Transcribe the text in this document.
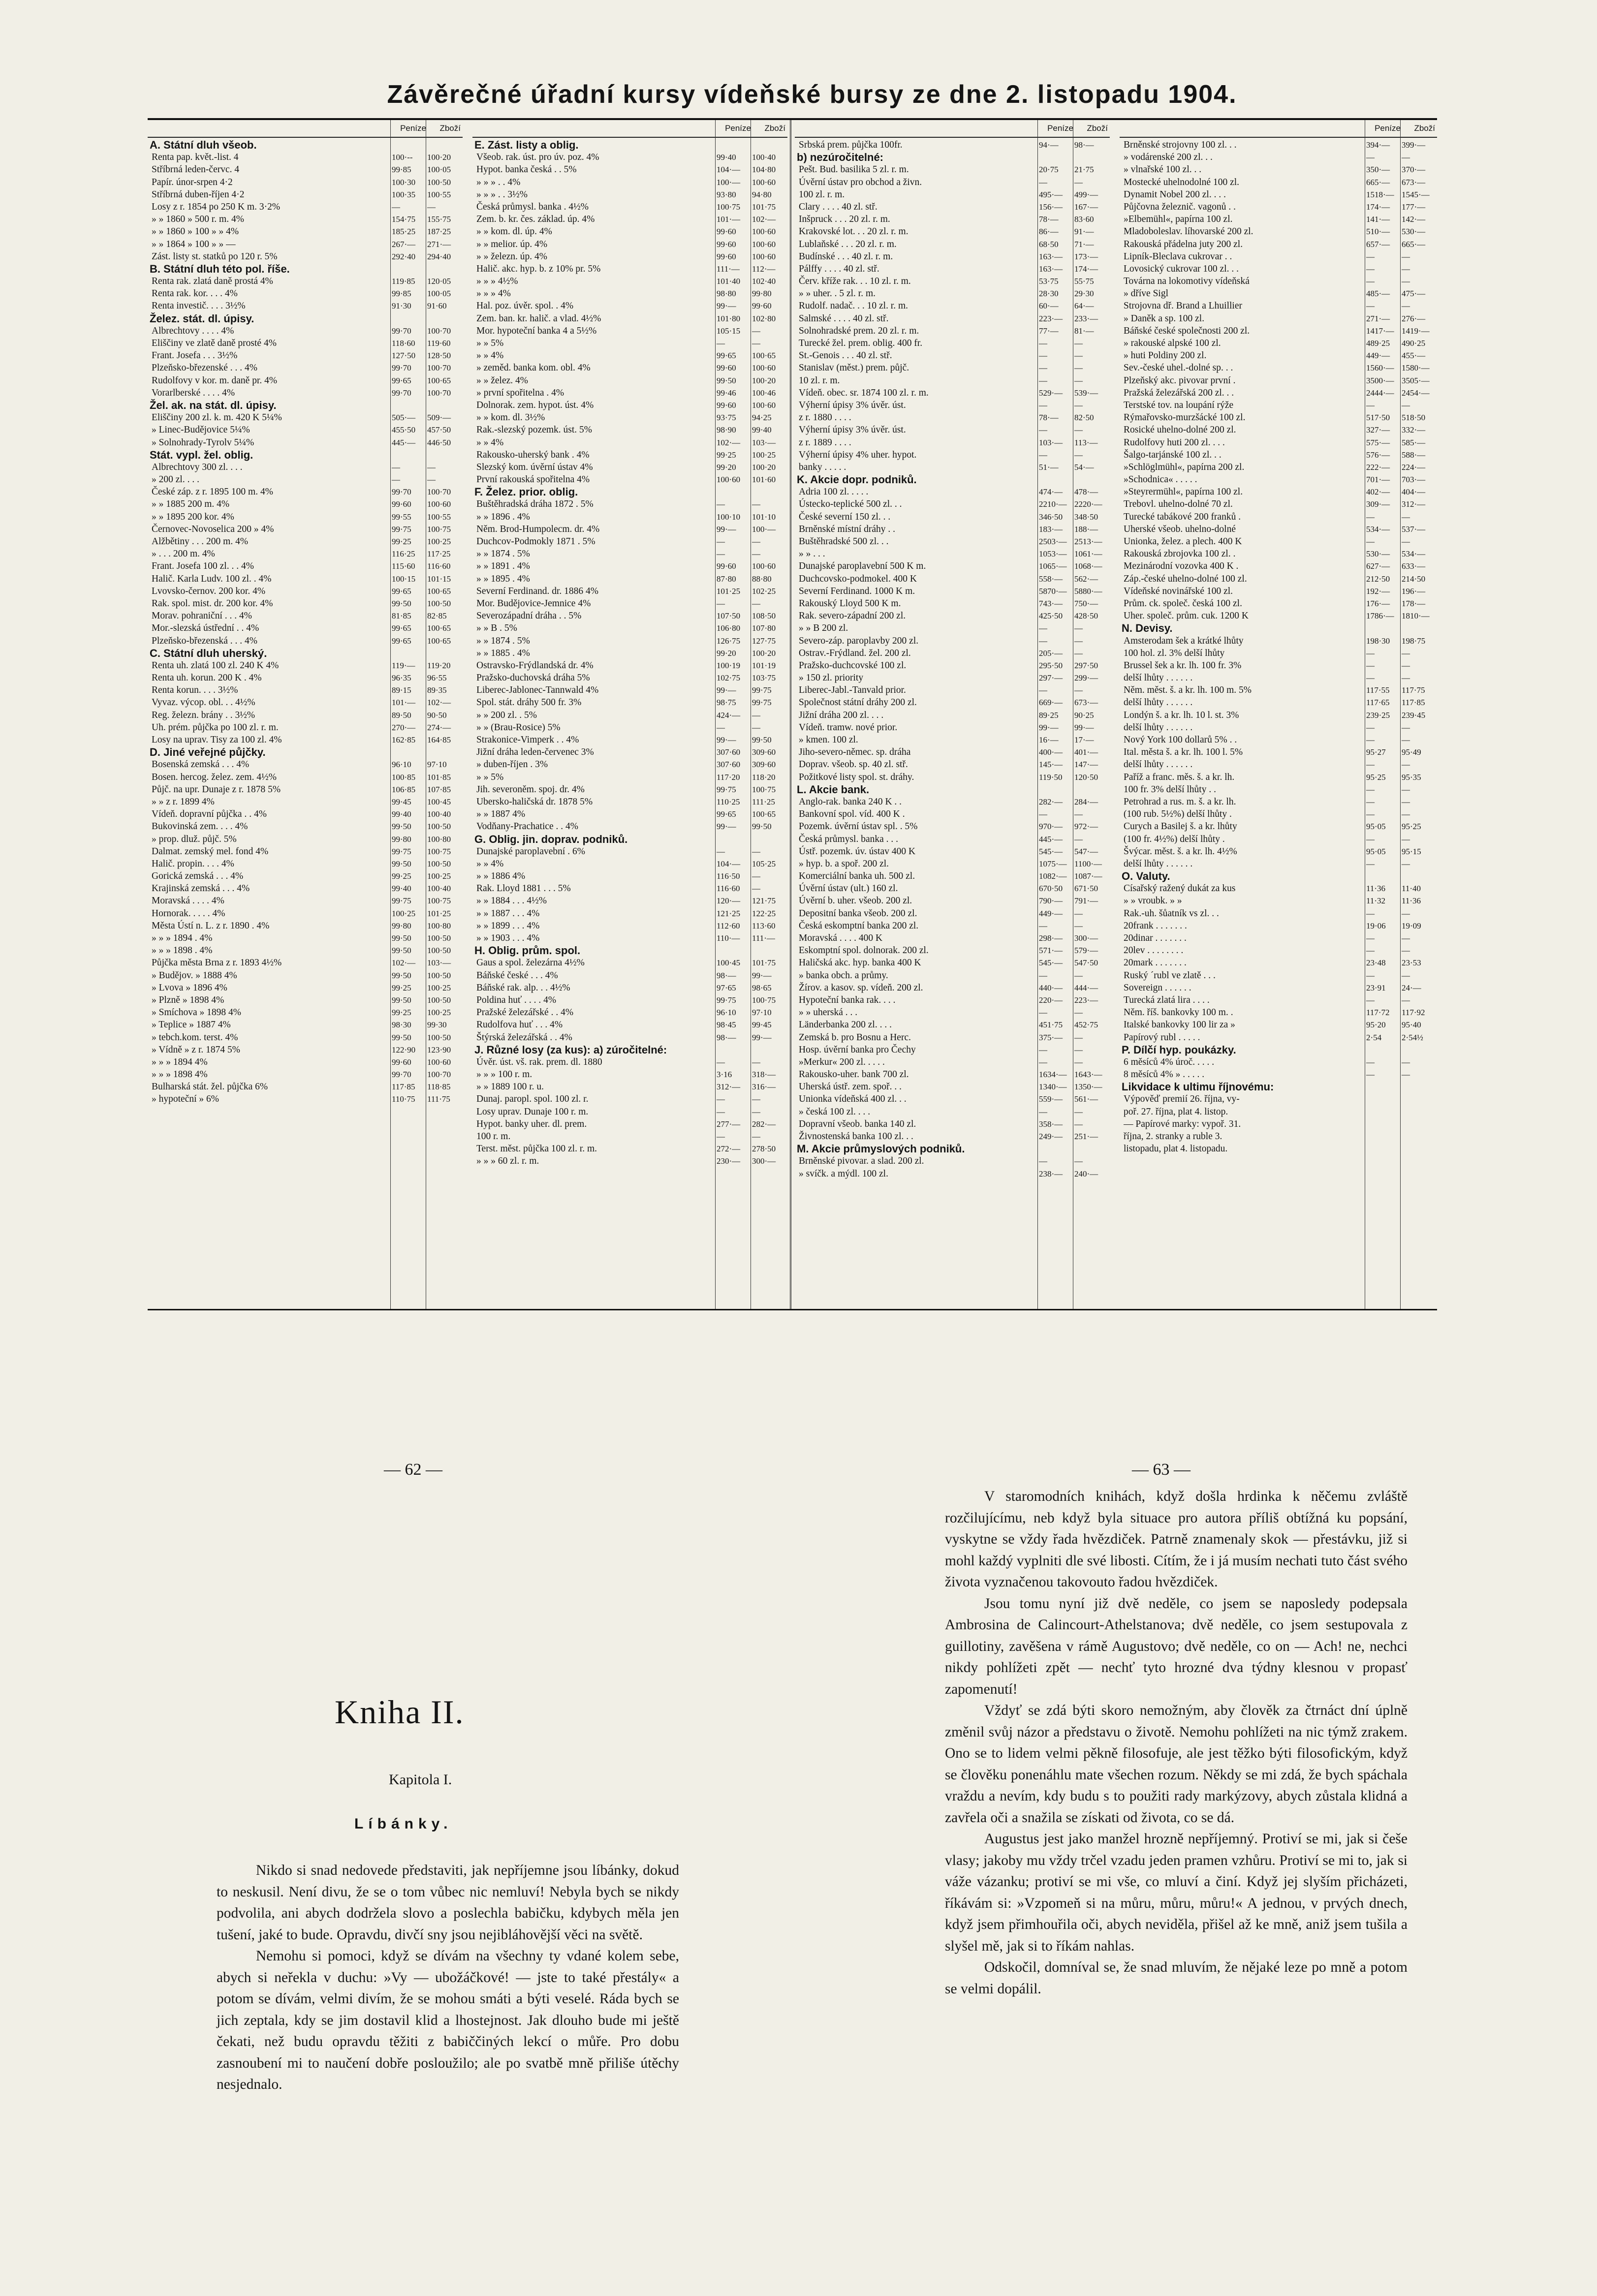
Závěrečné úřadní kursy vídeňské bursy ze dne 2. listopadu 1904.
Peníze Zboží
A. Státní dluh všeob.
Renta pap. květ.-list. 4	100·--	100·20
Stříbrná leden-červc. 4	99·85	100·05
Papír. únor-srpen 4·2	100·30	100·50
Stříbrná duben-říjen 4·2	100·35	100·55
Losy z r. 1854 po 250 K m. 3·2%	—	—
» » 1860 » 500 r. m. 4%	154·75	155·75
» » 1860 » 100 » » 4%	185·25	187·25
» » 1864 » 100 » » —	267·—	271·—
Zást. listy st. statků po 120 r. 5%	292·40	294·40
B. Státní dluh této pol. říše.
Renta rak. zlatá daně prostá 4%	119·85	120·05
Renta rak. kor. . . . 4%	99·85	100·05
Renta investič. . . . 3½%	91·30	91·60
Želez. stát. dl. úpisy.
Albrechtovy . . . . 4%	99·70	100·70
Eliščiny ve zlatě daně prosté 4%	118·60	119·60
Frant. Josefa . . . 3½%	127·50	128·50
Plzeňsko-březenské . . . 4%	99·70	100·70
Rudolfovy v kor. m. daně pr. 4%	99·65	100·65
Vorarlberské . . . . 4%	99·70	100·70
Žel. ak. na stát. dl. úpisy.
Eliščiny 200 zl. k. m. 420 K 5¼%	505·—	509·—
» Linec-Budějovice 5¼%	455·50	457·50
» Solnohrady-Tyrolv 5¼%	445·—	446·50
Stát. vypl. žel. oblig.
Albrechtovy 300 zl. . . .	—	—
» 200 zl. . . .	—	—
České záp. z r. 1895 100 m. 4%	99·70	100·70
» » 1885 200 m. 4%	99·60	100·60
» » 1895 200 kor. 4%	99·55	100·55
Černovec-Novoselica 200 » 4%	99·75	100·75
Alžbětiny . . . 200 m. 4%	99·25	100·25
» . . . 200 m. 4%	116·25	117·25
Frant. Josefa 100 zl. . . 4%	115·60	116·60
Halič. Karla Ludv. 100 zl. . 4%	100·15	101·15
Lvovsko-černov. 200 kor. 4%	99·65	100·65
Rak. spol. mist. dr. 200 kor. 4%	99·50	100·50
Morav. pohraniční . . . 4%	81·85	82·85
Mor.-slezská ústřední . . 4%	99·65	100·65
Plzeňsko-březenská . . . 4%	99·65	100·65
C. Státní dluh uherský.
Renta uh. zlatá 100 zl. 240 K 4%	119·—	119·20
Renta uh. korun. 200 K . 4%	96·35	96·55
Renta korun. . . . 3½%	89·15	89·35
Vyvaz. výcop. obl. . . 4½%	101·—	102·—
Reg. železn. brány . . 3½%	89·50	90·50
Uh. prém. půjčka po 100 zl. r. m.	270·—	274·—
Losy na uprav. Tisy za 100 zl. 4%	162·85	164·85
D. Jiné veřejné půjčky.
Bosenská zemská . . . 4%	96·10	97·10
Bosen. hercog. želez. zem. 4½%	100·85	101·85
Půjč. na upr. Dunaje z r. 1878 5%	106·85	107·85
» » z r. 1899 4%	99·45	100·45
Vídeň. dopravní půjčka . . 4%	99·40	100·40
Bukovinská zem. . . . 4%	99·50	100·50
» prop. dluž. půjč. 5%	99·80	100·80
Dalmat. zemský mel. fond 4%	99·75	100·75
Halič. propin. . . . 4%	99·50	100·50
Gorická zemská . . . 4%	99·25	100·25
Krajinská zemská . . . 4%	99·40	100·40
Moravská . . . . 4%	99·75	100·75
Hornorak. . . . . 4%	100·25	101·25
Města Ústí n. L. z r. 1890 . 4%	99·80	100·80
» » » 1894 . 4%	99·50	100·50
» » » 1898 . 4%	99·50	100·50
Půjčka města Brna z r. 1893 4½%	102·—	103·—
» Budějov. » 1888 4%	99·50	100·50
» Lvova » 1896 4%	99·25	100·25
» Plzně » 1898 4%	99·50	100·50
» Smíchova » 1898 4%	99·25	100·25
» Teplice » 1887 4%	98·30	99·30
» tebch.kom. terst. 4%	99·50	100·50
» Vídně » z r. 1874 5%	122·90	123·90
» » » 1894 4%	99·60	100·60
» » » 1898 4%	99·70	100·70
Bulharská stát. žel. půjčka 6%	117·85	118·85
» hypoteční » 6%	110·75	111·75
Peníze Zboží
E. Zást. listy a oblig.
Všeob. rak. úst. pro úv. poz. 4%	99·40	100·40
Hypot. banka česká . . 5%	104·—	104·80
» » » . . 4%	100·—	100·60
» » » . . 3½%	93·80	94·80
Česká průmysl. banka . 4½%	100·75	101·75
Zem. b. kr. čes. základ. úp. 4%	101·—	102·—
» » kom. dl. úp. 4%	99·60	100·60
» » melior. úp. 4%	99·60	100·60
» » železn. úp. 4%	99·60	100·60
Halič. akc. hyp. b. z 10% pr. 5%	111·—	112·—
» » » 4½%	101·40	102·40
» » » 4%	98·80	99·80
Hal. poz. úvěr. spol. . 4%	99·—	99·60
Zem. ban. kr. halič. a vlad. 4½%	101·80	102·80
Mor. hypoteční banka 4 a 5½%	105·15	—
» » 5%	—	—
» » 4%	99·65	100·65
» zeměd. banka kom. obl. 4%	99·60	100·60
» » želez. 4%	99·50	100·20
» první spořitelna . 4%	99·46	100·46
Dolnorak. zem. hypot. úst. 4%	99·60	100·60
» » kom. dl. 3½%	93·75	94·25
Rak.-slezský pozemk. úst. 5%	98·90	99·40
» » 4%	102·—	103·—
Rakousko-uherský bank . 4%	99·25	100·25
Slezský kom. úvěrní ústav 4%	99·20	100·20
První rakouská spořitelna 4%	100·60	101·60
F. Želez. prior. oblig.
Buštěhradská dráha 1872 . 5%	—	—
» » 1896 . 4%	100·10	101·10
Něm. Brod-Humpolecm. dr. 4%	99·—	100·—
Duchcov-Podmokly 1871 . 5%	—	—
» » 1874 . 5%	—	—
» » 1891 . 4%	99·60	100·60
» » 1895 . 4%	87·80	88·80
Severní Ferdinand. dr. 1886 4%	101·25	102·25
Mor. Budějovice-Jemnice 4%	—	—
Severozápadní dráha . . 5%	107·50	108·50
» » B . 5%	106·80	107·80
» » 1874 . 5%	126·75	127·75
» » 1885 . 4%	99·20	100·20
Ostravsko-Frýdlandská dr. 4%	100·19	101·19
Pražsko-duchovská dráha 5%	102·75	103·75
Liberec-Jablonec-Tannwald 4%	99·—	99·75
Spol. stát. dráhy 500 fr. 3%	98·75	99·75
» » 200 zl. . 5%	424·—	—
» » (Brau-Rosice) 5%	—	—
Strakonice-Vimperk . . 4%	99·—	99·50
Jižní dráha leden-červenec 3%	307·60	309·60
» duben-říjen . 3%	307·60	309·60
» » 5%	117·20	118·20
Jih. severoněm. spoj. dr. 4%	99·75	100·75
Ubersko-haličská dr. 1878 5%	110·25	111·25
» » 1887 4%	99·65	100·65
Vodňany-Prachatice . . 4%	99·—	99·50
G. Oblig. jin. doprav. podniků.
Dunajské paroplavební . 6%	—	—
» » 4%	104·—	105·25
» » 1886 4%	116·50	—
Rak. Lloyd 1881 . . . 5%	116·60	—
» » 1884 . . . 4½%	120·—	121·75
» » 1887 . . . 4%	121·25	122·25
» » 1899 . . . 4%	112·60	113·60
» » 1903 . . . 4%	110·—	111·—
H. Oblig. prům. spol.
Gaus a spol. železárna 4½%	100·45	101·75
Báňské české . . . 4%	98·—	99·—
Báňské rak. alp. . . 4½%	97·65	98·65
Poldina huť . . . . 4%	99·75	100·75
Pražské železářské . . 4%	96·10	97·10
Rudolfova huť . . . 4%	98·45	99·45
Štýrská železářská . . 4%	98·—	99·—
J. Různé losy (za kus): a) zúročitelné:
Úvěr. úst. vš. rak. prem. dl. 1880	—	—
» » » 100 r. m.	3·16	318·—
» » 1889 100 r. u.	312·—	316·—
Dunaj. paropl. spol. 100 zl. r.	—	—
Losy uprav. Dunaje 100 r. m.	—	—
Hypot. banky uher. dl. prem.	277·—	282·—
100 r. m.	—	—
Terst. měst. půjčka 100 zl. r. m.	272·—	278·50
» » » 60 zl. r. m.	230·—	300·—
Peníze Zboží
Srbská prem. půjčka 100fr.	94·—	98·—
b) nezúročitelné:
Pešt. Bud. basilika 5 zl. r. m.	20·75	21·75
Úvěrní ústav pro obchod a živn.	—	—
100 zl. r. m.	495·—	499·—
Clary . . . . 40 zl. stř.	156·—	167·—
Inšpruck . . . 20 zl. r. m.	78·—	83·60
Krakovské lot. . . 20 zl. r. m.	86·—	91·—
Lublaňské . . . 20 zl. r. m.	68·50	71·—
Budínské . . . 40 zl. r. m.	163·—	173·—
Pálffy . . . . 40 zl. stř.	163·—	174·—
Červ. kříže rak. . . 10 zl. r. m.	53·75	55·75
» » uher. . 5 zl. r. m.	28·30	29·30
Rudolf. nadač. . . 10 zl. r. m.	60·—	64·—
Salmské . . . . 40 zl. stř.	223·—	233·—
Solnohradské prem. 20 zl. r. m.	77·—	81·—
Turecké žel. prem. oblig. 400 fr.	—	—
St.-Genois . . . 40 zl. stř.	—	—
Stanislav (měst.) prem. půjč.	—	—
10 zl. r. m.	—	—
Vídeň. obec. sr. 1874 100 zl. r. m.	529·—	539·—
Výherní úpisy 3% úvěr. úst.	—	—
z r. 1880 . . . .	78·—	82·50
Výherní úpisy 3% úvěr. úst.	—	—
z r. 1889 . . . .	103·—	113·—
Výherní úpisy 4% uher. hypot.	—	—
banky . . . . .	51·—	54·—
K. Akcie dopr. podniků.
Adria 100 zl. . . . .	474·—	478·—
Ústecko-teplické 500 zl. . .	2210·— 2220·—
České severní 150 zl. . .	346·50	348·50
Brněnské místní dráhy . .	183·—	188·—
Buštěhradské 500 zl. . .	2503·— 2513·—
» » . . .	1053·— 1061·—
Dunajské paroplavební 500 K m.	1065·— 1068·—
Duchcovsko-podmokel. 400 K	558·—	562·—
Severní Ferdinand. 1000 K m.	5870·— 5880·—
Rakouský Lloyd 500 K m.	743·—	750·—
Rak. severo-západní 200 zl.	425·50	428·50
» » B 200 zl.	—	—
Severo-záp. paroplavby 200 zl.	—	—
Ostrav.-Frýdland. žel. 200 zl.	205·—	—
Pražsko-duchcovské 100 zl.	295·50	297·50
» 150 zl. priority	297·—	299·—
Liberec-Jabl.-Tanvald prior.	—	—
Společnost státní dráhy 200 zl.	669·—	673·—
Jižní dráha 200 zl. . . .	89·25	90·25
Vídeň. tramw. nové prior.	99·—	99·—
» kmen. 100 zl.	16·—	17·—
Jiho-severo-němec. sp. dráha	400·—	401·—
Doprav. všeob. sp. 40 zl. stř.	145·—	147·—
Požitkové listy spol. st. dráhy.	119·50	120·50
L. Akcie bank.
Anglo-rak. banka 240 K . .	282·—	284·—
Bankovní spol. víd. 400 K .	—	—
Pozemk. úvěrní ústav spl. . 5%	970·—	972·—
Česká průmysl. banka . . .	445·—	—
Ústř. pozemk. úv. ústav 400 K	545·—	547·—
» hyp. b. a spoř. 200 zl.	1075·— 1100·—
Komerciální banka uh. 500 zl.	1082·— 1087·—
Úvěrní ústav (ult.) 160 zl.	670·50	671·50
Úvěrní b. uher. všeob. 200 zl.	790·—	791·—
Depositní banka všeob. 200 zl.	449·—	—
Česká eskomptní banka 200 zl.	—	—
Moravská . . . . 400 K	298·—	300·—
Eskomptní spol. dolnorak. 200 zl.	571·—	579·—
Haličská akc. hyp. banka 400 K	545·—	547·50
» banka obch. a průmy.	—	—
Žírov. a kasov. sp. vídeň. 200 zl.	440·—	444·—
Hypoteční banka rak. . . .	220·—	223·—
» » uherská . . .	—	—
Länderbanka 200 zl. . . .	451·75	452·75
Zemská b. pro Bosnu a Herc.	375·—	—
Hosp. úvěrní banka pro Čechy	—	—
»Merkur« 200 zl. . . . .	—	—
Rakousko-uher. bank 700 zl.	1634·— 1643·—
Uherská ústř. zem. spoř. . .	1340·— 1350·—
Unionka vídeňská 400 zl. . .	559·—	561·—
» česká 100 zl. . . .	—	—
Dopravní všeob. banka 140 zl.	358·—	—
Živnostenská banka 100 zl. . .	249·—	251·—
M. Akcie průmyslových podniků.
Brněnské pivovar. a slad. 200 zl.	—	—
» svíčk. a mýdl. 100 zl.	238·—	240·—
Peníze Zboží
Brněnské strojovny 100 zl. . .	394·—	399·—
» vodárenské 200 zl. . .	—	—
» vlnařské 100 zl. . .	350·—	370·—
Mostecké uhelnodolné 100 zl.	665·—	673·—
Dynamit Nobel 200 zl. . . .	1518·— 1545·—
Půjčovna železnič. vagonů . .	174·—	177·—
»Elbemühl«, papírna 100 zl.	141·—	142·—
Mladoboleslav. líhovarské 200 zl.	510·—	530·—
Rakouská přádelna juty 200 zl.	657·—	665·—
Lipník-Bleclava cukrovar . .	—	—
Lovosický cukrovar 100 zl. . .	—	—
Továrna na lokomotivy vídeňská	—	—
» dříve Sigl	485·—	475·—
Strojovna dř. Brand a Lhuillier	—	—
» Daněk a sp. 100 zl.	271·—	276·—
Báňské české společnosti 200 zl.	1417·— 1419·—
» rakouské alpské 100 zl.	489·25	490·25
» huti Poldiny 200 zl.	449·—	455·—
Sev.-české uhel.-dolné sp. . .	1560·— 1580·—
Plzeňský akc. pivovar první .	3500·— 3505·—
Pražská železářská 200 zl. . .	2444·— 2454·—
Terstské tov. na loupání rýže	—	—
Rýmařovsko-murzšácké 100 zl.	517·50	518·50
Rosické uhelno-dolné 200 zl.	327·—	332·—
Rudolfovy huti 200 zl. . . .	575·—	585·—
Šalgo-tarjánské 100 zl. . .	576·—	588·—
»Schlöglmühl«, papírna 200 zl.	222·—	224·—
»Schodnica« . . . . .	701·—	703·—
»Steyrermühl«, papírna 100 zl.	402·—	404·—
Trebovl. uhelno-dolné 70 zl.	309·—	312·—
Turecké tabákové 200 franků .	—	—
Uherské všeob. uhelno-dolné	534·—	537·—
Unionka, želez. a plech. 400 K	—	—
Rakouská zbrojovka 100 zl. .	530·—	534·—
Mezinárodní vozovka 400 K .	627·—	633·—
Záp.-české uhelno-dolné 100 zl.	212·50	214·50
Vídeňské novinářské 100 zl.	192·—	196·—
Prům. ck. společ. česká 100 zl.	176·—	178·—
Uher. společ. prům. cuk. 1200 K	1786·— 1810·—
N. Devisy.
Amsterodam šek a krátké lhůty	198·30	198·75
100 hol. zl. 3% delší lhůty	—	—
Brussel šek a kr. lh. 100 fr. 3%	—	—
delší lhůty . . . . . .	—	—
Něm. měst. š. a kr. lh. 100 m. 5%	117·55	117·75
delší lhůty . . . . . .	117·65	117·85
Londýn š. a kr. lh. 10 l. st. 3%	239·25	239·45
delší lhůty . . . . . .	—	—
Nový York 100 dollarů 5% . .	—	—
Ital. města š. a kr. lh. 100 l. 5%	95·27	95·49
delší lhůty . . . . . .	—	—
Paříž a franc. měs. š. a kr. lh.	95·25	95·35
100 fr. 3% delší lhůty . .	—	—
Petrohrad a rus. m. š. a kr. lh.	—	—
(100 rub. 5½%) delší lhůty .	—	—
Curych a Basilej š. a kr. lhůty	95·05	95·25
(100 fr. 4½%) delší lhůty .	—	—
Švýcar. měst. š. a kr. lh. 4½%	95·05	95·15
delší lhůty . . . . . .	—	—
O. Valuty.
Císařský ražený dukát za kus	11·36	11·40
» » vroubk. » »	11·32	11·36
Rak.-uh. šůatník vs zl. . .	—	—
20frank . . . . . . .	19·06	19·09
20dinar . . . . . . .	—	—
20lev . . . . . . . .	—	—
20mark . . . . . . .	23·48	23·53
Ruský ´rubl ve zlatě . . .	—	—
Sovereign . . . . . .	23·91	24·—
Turecká zlatá lira . . . .	—	—
Něm. říš. bankovky 100 m. .	117·72	117·92
Italské bankovky 100 lir za »	95·20	95·40
Papírový rubl . . . . .	2·54	2·54½
P. Dílčí hyp. poukázky.
6 měsíců 4% úroč. . . . .	—	—
8 měsíců 4% » . . . . .	—	—
Likvidace k ultimu říjnovému:
Výpověď premií 26. října, vy-
poř. 27. října, plat 4. listop.
— Papírové marky: vypoř. 31.
října, 2. stranky a ruble 3.
listopadu, plat 4. listopadu.
— 62 —	— 63 —
Kniha II.
Kapitola I.
Líbánky.

Nikdo si snad nedovede představiti, jak nepříjemne jsou líbánky, dokud to neskusil. Není divu, že se o tom vůbec nic nemluví! Nebyla bych se nikdy podvolila, ani abych dodržela slovo a poslechla babičku, kdybych měla jen tušení, jaké to bude. Opravdu, divčí sny jsou nejibláhovější věci na světě.

Nemohu si pomoci, když se dívám na všechny ty vdané kolem sebe, abych si neřekla v duchu: »Vy — ubožáčkové! — jste to také přestály« a potom se dívám, velmi divím, že se mohou smáti a býti veselé. Ráda bych se jich zeptala, kdy se jim dostavil klid a lhostejnost. Jak dlouho bude mi ještě čekati, než budu opravdu těžiti z babiččiných lekcí o můře. Pro dobu zasnoubení mi to naučení dobře posloužilo; ale po svatbě mně přiliše útěchy nesjednalo.

V staromodních knihách, když došla hrdinka k něčemu zvláště rozčilujícímu, neb když byla situace pro autora příliš obtížná ku popsání, vyskytne se vždy řada hvězdiček. Patrně znamenaly skok — přestávku, již si mohl každý vyplniti dle své libosti. Cítím, že i já musím nechati tuto část svého života vyznačenou takovouto řadou hvězdiček.

Jsou tomu nyní již dvě neděle, co jsem se naposledy podepsala Ambrosina de Calincourt-Athelstanova; dvě neděle, co jsem sestupovala z guillotiny, zavěšena v rámě Augustovo; dvě neděle, co on — Ach! ne, nechci nikdy pohlížeti zpět — nechť tyto hrozné dva týdny klesnou v propasť zapomenutí!

Vždyť se zdá býti skoro nemožným, aby člověk za čtrnáct dní úplně změnil svůj názor a představu o životě. Nemohu pohlížeti na nic týmž zrakem. Ono se to lidem velmi pěkně filosofuje, ale jest těžko býti filosofickým, když se člověku ponenáhlu mate všechen rozum. Někdy se mi zdá, že bych spáchala vraždu a nevím, kdy budu s to použiti rady markýzovy, abych zůstala klidná a zavřela oči a snažila se získati od života, co se dá.

Augustus jest jako manžel hrozně nepříjemný. Protiví se mi, jak si češe vlasy; jakoby mu vždy trčel vzadu jeden pramen vzhůru. Protiví se mi to, jak si váže vázanku; protiví se mi vše, co mluví a činí. Když jej slyším přicházeti, říkávám si: »Vzpomeň si na můru, můru, můru!« A jednou, v prvých dnech, když jsem přimhouřila oči, abych neviděla, přišel až ke mně, aniž jsem tušila a slyšel mě, jak si to říkám nahlas.

Odskočil, domníval se, že snad mluvím, že nějaké leze po mně a potom se velmi dopálil.
